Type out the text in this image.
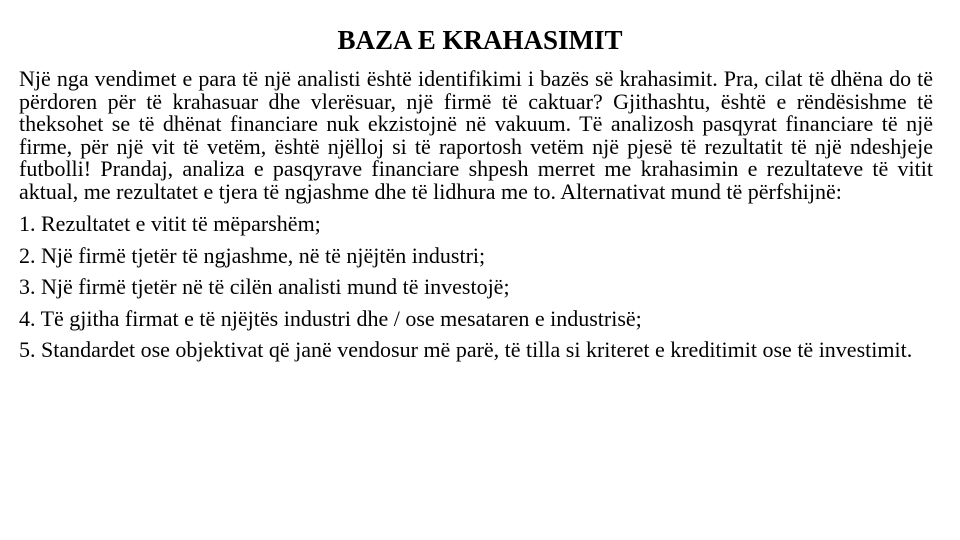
BAZA E KRAHASIMIT

Një nga vendimet e para të një analisti është identifikimi i bazës së krahasimit. Pra, cilat të dhëna do të përdoren për të krahasuar dhe vlerësuar, një firmë të caktuar? Gjithashtu, është e rëndësishme të theksohet se të dhënat financiare nuk ekzistojnë në vakuum. Të analizosh pasqyrat financiare të një firme, për një vit të vetëm, është njëlloj si të raportosh vetëm një pjesë të rezultatit të një ndeshjeje futbolli! Prandaj, analiza e pasqyrave financiare shpesh merret me krahasimin e rezultateve të vitit aktual, me rezultatet e tjera të ngjashme dhe të lidhura me to. Alternativat mund të përfshijnë:

1. Rezultatet e vitit të mëparshëm;
2. Një firmë tjetër të ngjashme, në të njëjtën industri;
3. Një firmë tjetër në të cilën analisti mund të investojë;
4. Të gjitha firmat e të njëjtës industri dhe / ose mesataren e industrisë;
5. Standardet ose objektivat që janë vendosur më parë, të tilla si kriteret e kreditimit ose të investimit.
